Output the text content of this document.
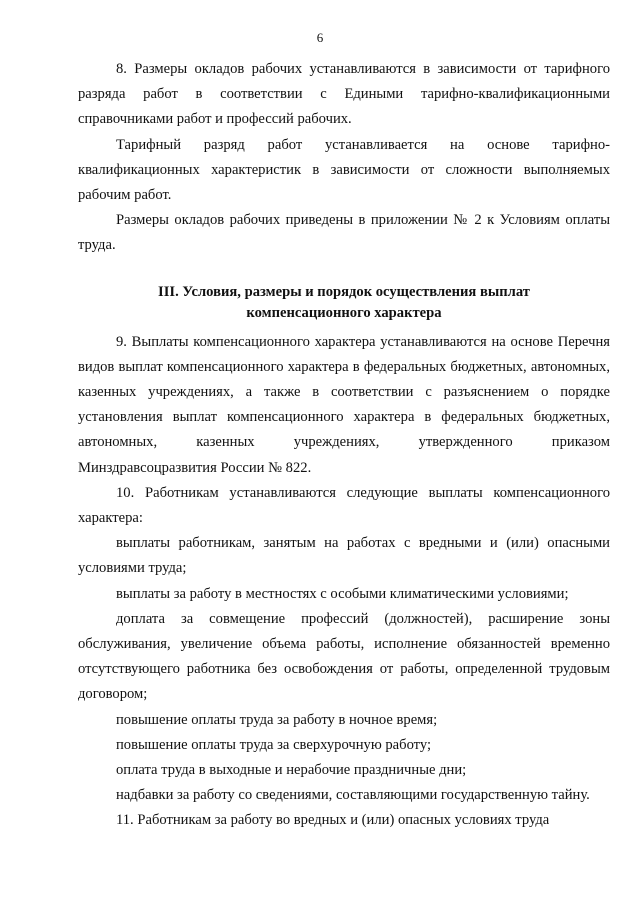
6

8. Размеры окладов рабочих устанавливаются в зависимости от тарифного разряда работ в соответствии с Едиными тарифно-квалификационными справочниками работ и профессий рабочих.

Тарифный разряд работ устанавливается на основе тарифно-квалификационных характеристик в зависимости от сложности выполняемых рабочим работ.

Размеры окладов рабочих приведены в приложении № 2 к Условиям оплаты труда.

III. Условия, размеры и порядок осуществления выплат
компенсационного характера

9. Выплаты компенсационного характера устанавливаются на основе Перечня видов выплат компенсационного характера в федеральных бюджетных, автономных, казенных учреждениях, а также в соответствии с разъяснением о порядке установления выплат компенсационного характера в федеральных бюджетных, автономных, казенных учреждениях, утвержденного приказом Минздравсоцразвития России № 822.

10. Работникам устанавливаются следующие выплаты компенсационного характера:

выплаты работникам, занятым на работах с вредными и (или) опасными условиями труда;

выплаты за работу в местностях с особыми климатическими условиями;

доплата за совмещение профессий (должностей), расширение зоны обслуживания, увеличение объема работы, исполнение обязанностей временно отсутствующего работника без освобождения от работы, определенной трудовым договором;

повышение оплаты труда за работу в ночное время;

повышение оплаты труда за сверхурочную работу;

оплата труда в выходные и нерабочие праздничные дни;

надбавки за работу со сведениями, составляющими государственную тайну.

11. Работникам за работу во вредных и (или) опасных условиях труда
